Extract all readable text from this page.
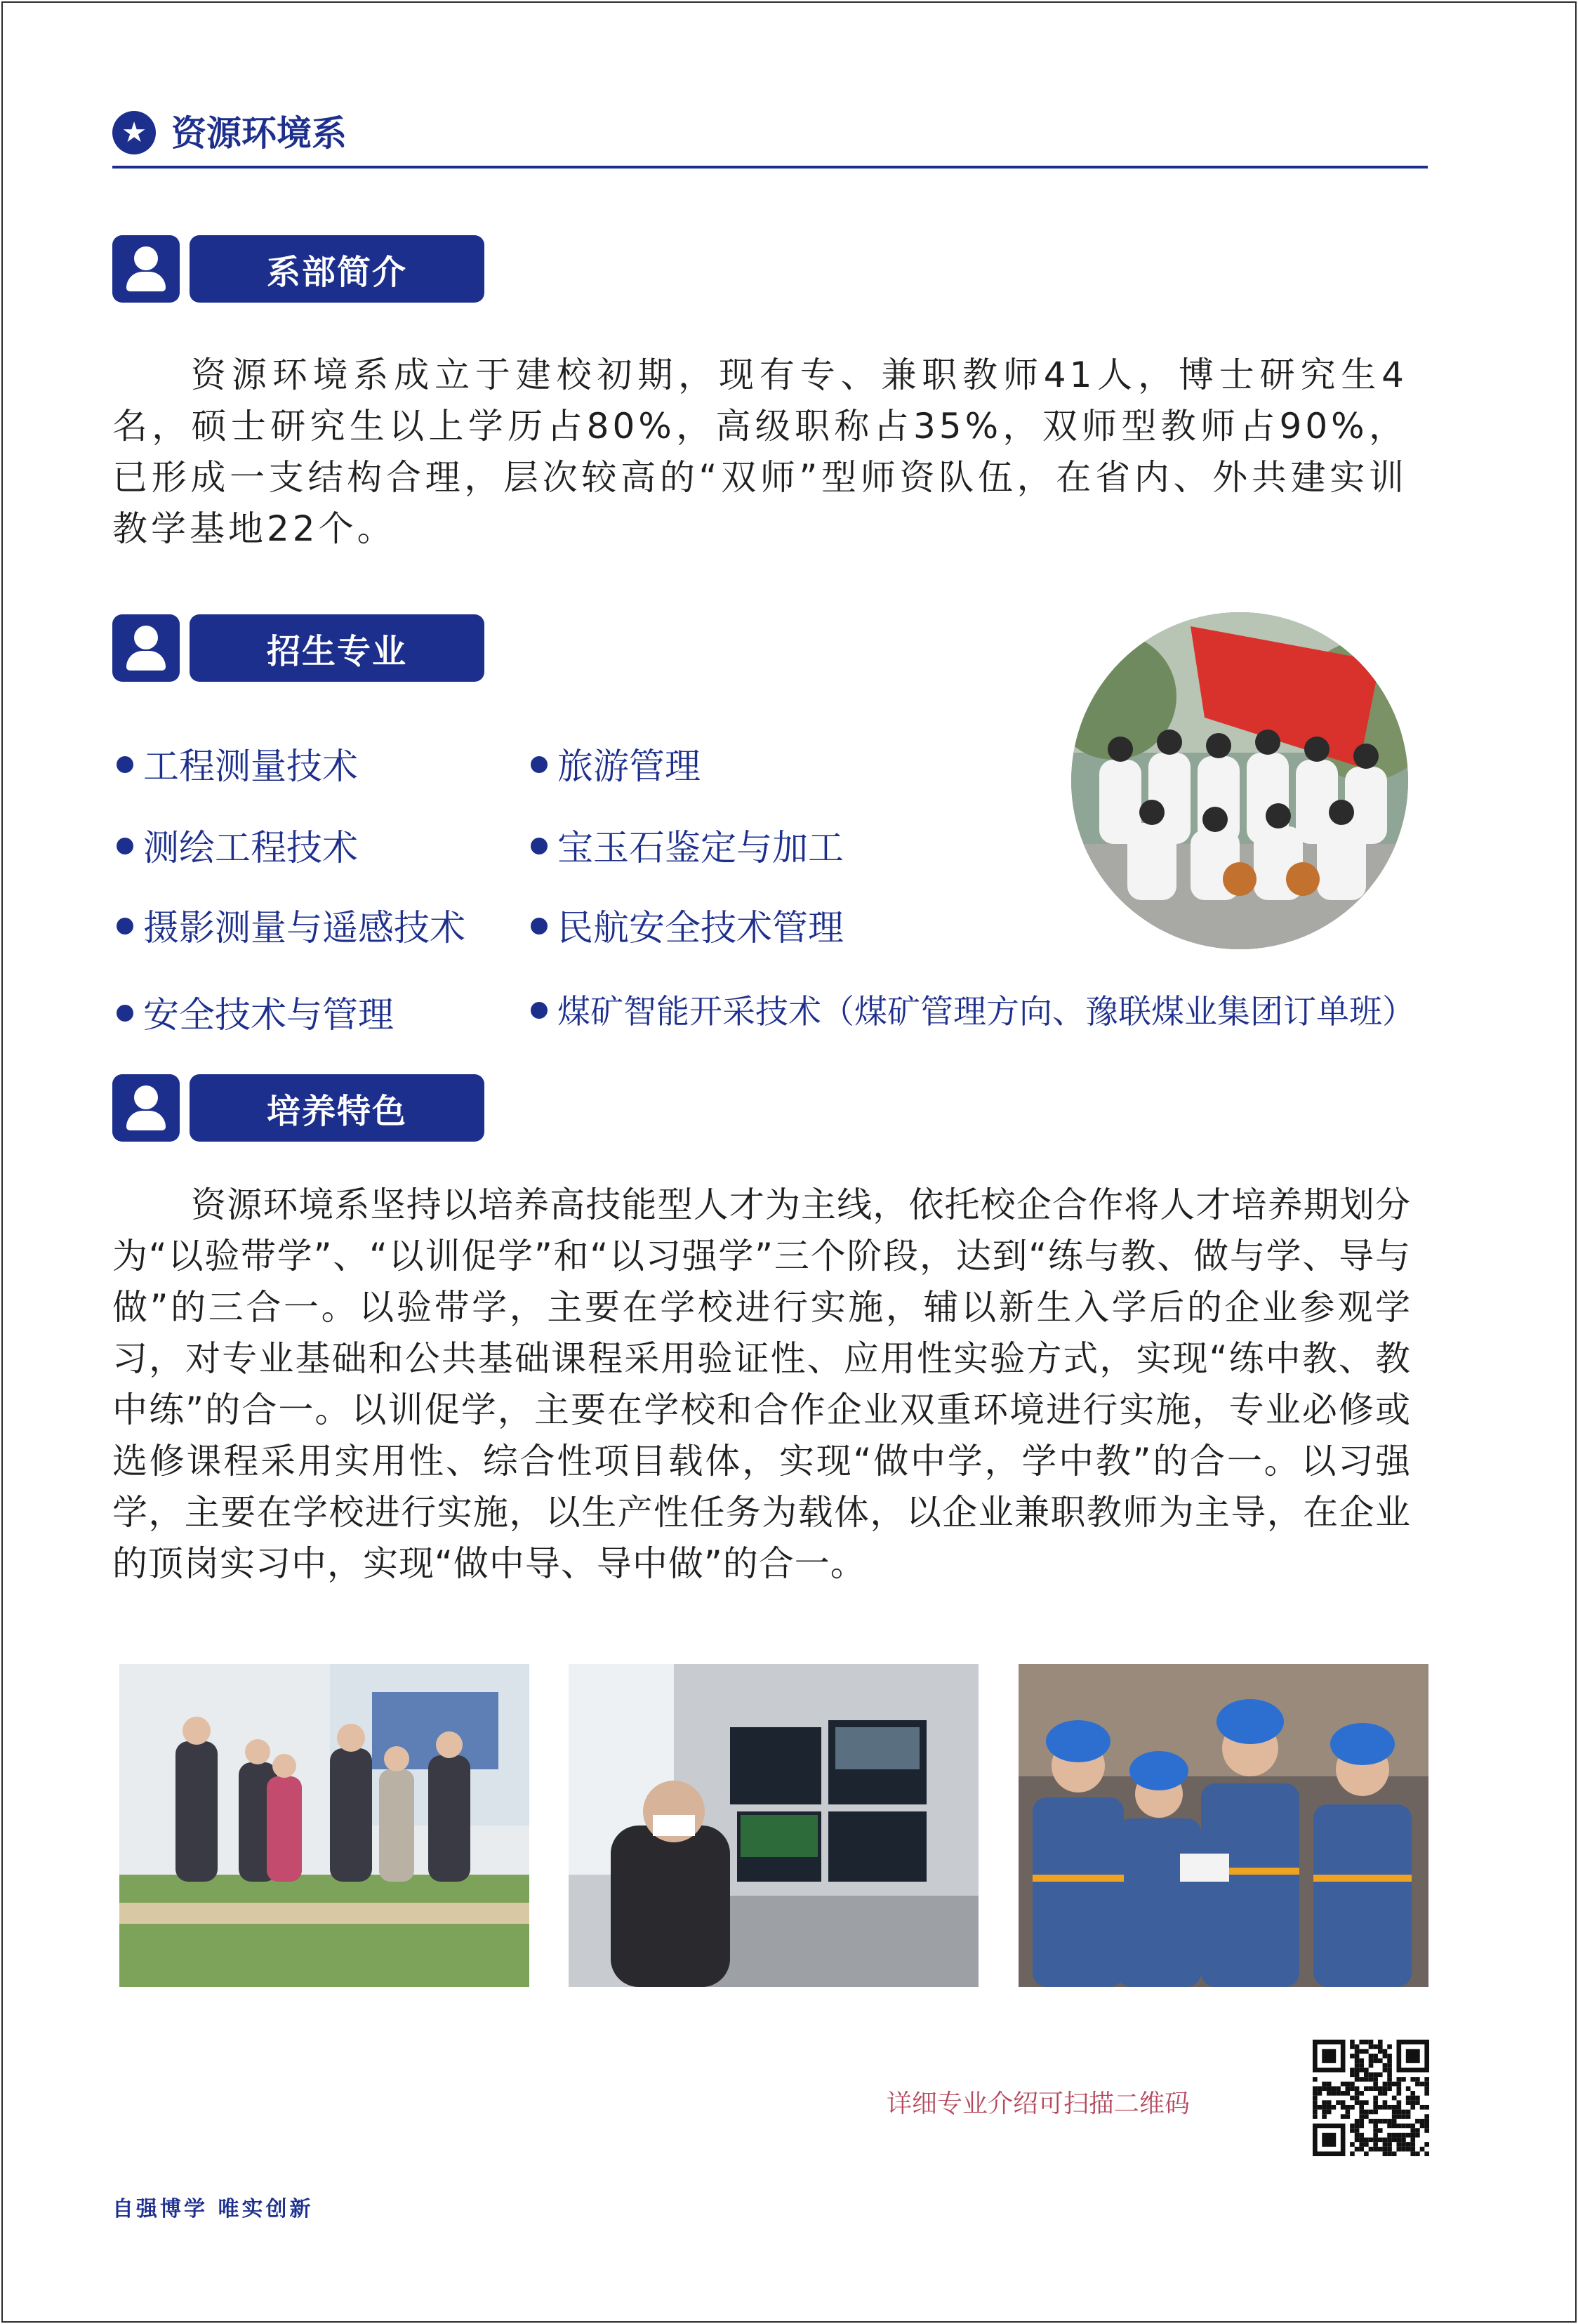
★ 资源环境系
系部简介
资源环境系成立于建校初期，现有专、兼职教师41人，博士研究生4名，硕士研究生以上学历占80%，高级职称占35%，双师型教师占90%，已形成一支结构合理，层次较高的“双师”型师资队伍，在省内、外共建实训教学基地22个。
招生专业
工程测量技术
测绘工程技术
摄影测量与遥感技术
安全技术与管理
旅游管理
宝玉石鉴定与加工
民航安全技术管理
煤矿智能开采技术（煤矿管理方向、豫联煤业集团订单班）
培养特色
资源环境系坚持以培养高技能型人才为主线，依托校企合作将人才培养期划分为“以验带学”、“以训促学”和“以习强学”三个阶段，达到“练与教、做与学、导与做”的三合一。以验带学，主要在学校进行实施，辅以新生入学后的企业参观学习，对专业基础和公共基础课程采用验证性、应用性实验方式，实现“练中教、教中练”的合一。以训促学，主要在学校和合作企业双重环境进行实施，专业必修或选修课程采用实用性、综合性项目载体，实现“做中学，学中教”的合一。以习强学，主要在学校进行实施，以生产性任务为载体，以企业兼职教师为主导，在企业的顶岗实习中，实现“做中导、导中做”的合一。
详细专业介绍可扫描二维码
自强博学 唯实创新
